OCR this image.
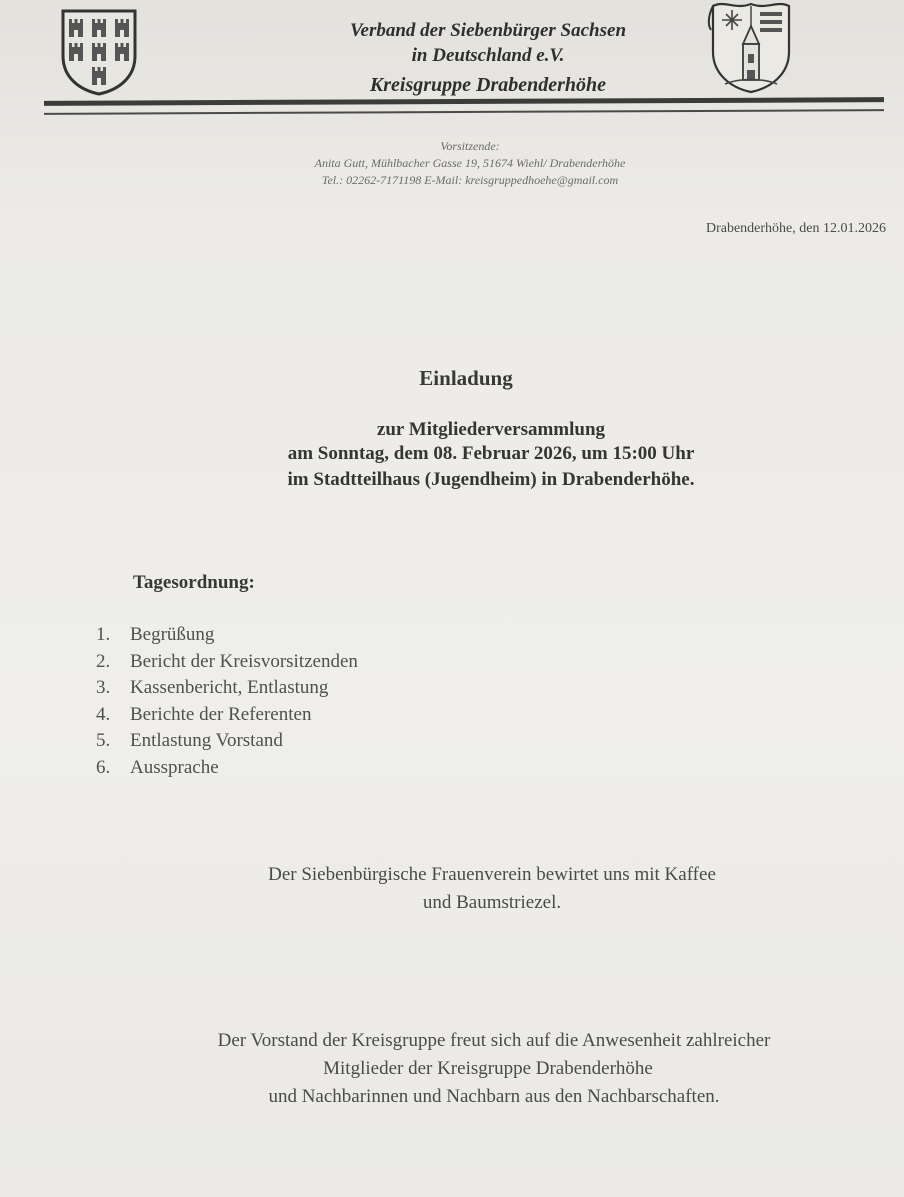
Verband der Siebenbürger Sachsen
in Deutschland e.V.
Kreisgruppe Drabenderhöhe
Vorsitzende:
Anita Gutt, Mühlbacher Gasse 19, 51674 Wiehl/ Drabenderhöhe
Tel.: 02262-7171198 E-Mail: kreisgruppedhoehe@gmail.com
Drabenderhöhe, den 12.01.2026
Einladung
zur Mitgliederversammlung
am Sonntag, dem 08. Februar 2026, um 15:00 Uhr
im Stadtteilhaus (Jugendheim) in Drabenderhöhe.
Tagesordnung:
1. Begrüßung
2. Bericht der Kreisvorsitzenden
3. Kassenbericht, Entlastung
4. Berichte der Referenten
5. Entlastung Vorstand
6. Aussprache
Der Siebenbürgische Frauenverein bewirtet uns mit Kaffee
und Baumstriezel.
Der Vorstand der Kreisgruppe freut sich auf die Anwesenheit zahlreicher
Mitglieder der Kreisgruppe Drabenderhöhe
und Nachbarinnen und Nachbarn aus den Nachbarschaften.
